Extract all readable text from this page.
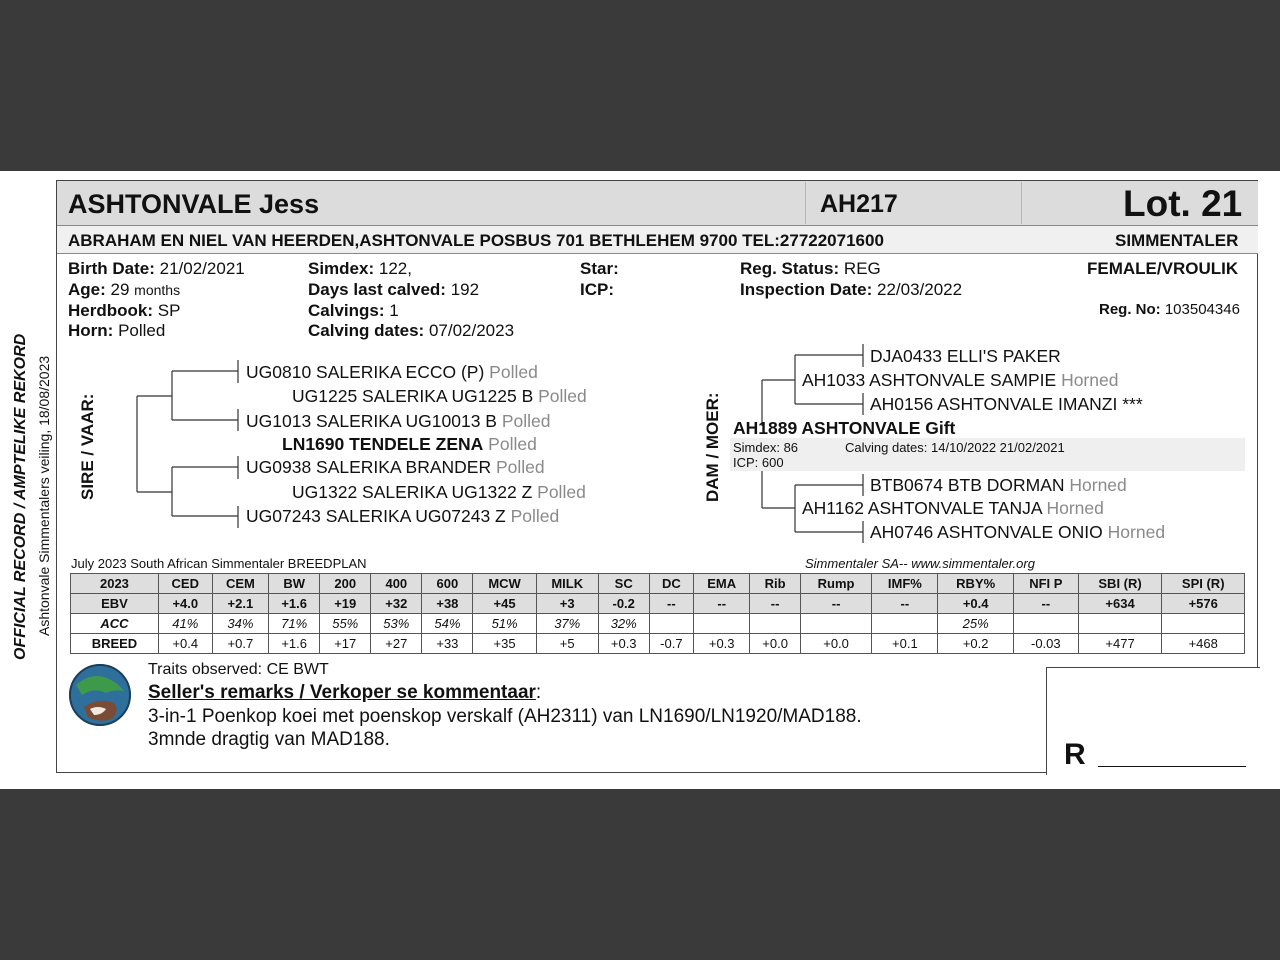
OFFICIAL RECORD / AMPTELIKE REKORD Ashtonvale Simmentalers veiling, 18/08/2023
ASHTONVALE Jess	AH217	Lot. 21
ABRAHAM EN NIEL VAN HEERDEN,ASHTONVALE POSBUS 701 BETHLEHEM 9700 TEL:27722071600	SIMMENTALER
Birth Date: 21/02/2021
Age: 29 months
Herdbook: SP
Horn: Polled
Simdex: 122,
Days last calved: 192
Calvings: 1
Calving dates: 07/02/2023
Star:
ICP:
Reg. Status: REG
Inspection Date: 22/03/2022
FEMALE/VROULIK
Reg. No: 103504346
SIRE / VAAR:
UG0810 SALERIKA ECCO (P) Polled
UG1225 SALERIKA UG1225 B Polled
UG1013 SALERIKA UG10013 B Polled
LN1690 TENDELE ZENA Polled
UG0938 SALERIKA BRANDER Polled
UG1322 SALERIKA UG1322 Z Polled
UG07243 SALERIKA UG07243 Z Polled
DAM / MOER:
DJA0433 ELLI'S PAKER
AH1033 ASHTONVALE SAMPIE Horned
AH0156 ASHTONVALE IMANZI ***
AH1889 ASHTONVALE Gift
Simdex: 86	Calving dates: 14/10/2022 21/02/2021
ICP: 600
BTB0674 BTB DORMAN Horned
AH1162 ASHTONVALE TANJA Horned
AH0746 ASHTONVALE ONIO Horned
July 2023 South African Simmentaler BREEDPLAN	Simmentaler SA-- www.simmentaler.org
2023	CED	CEM	BW	200	400	600	MCW	MILK	SC	DC	EMA	Rib	Rump	IMF%	RBY%	NFI P	SBI (R)	SPI (R)
EBV	+4.0	+2.1	+1.6	+19	+32	+38	+45	+3	-0.2	--	--	--	--	--	+0.4	--	+634	+576
ACC	41%	34%	71%	55%	53%	54%	51%	37%	32%						25%			
BREED	+0.4	+0.7	+1.6	+17	+27	+33	+35	+5	+0.3	-0.7	+0.3	+0.0	+0.0	+0.1	+0.2	-0.03	+477	+468
Traits observed: CE BWT
Seller's remarks / Verkoper se kommentaar:
3-in-1 Poenkop koei met poenskop verskalf (AH2311) van LN1690/LN1920/MAD188.
3mnde dragtig van MAD188.	R
